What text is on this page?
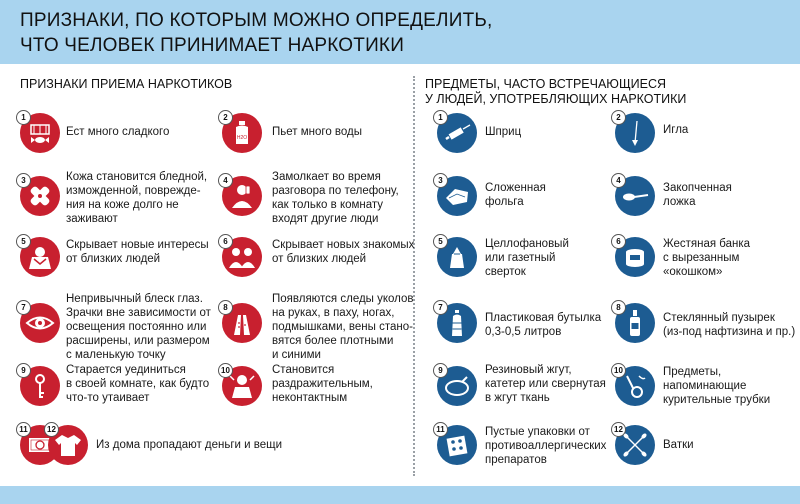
ПРИЗНАКИ, ПО КОТОРЫМ МОЖНО ОПРЕДЕЛИТЬ,
ЧТО ЧЕЛОВЕК ПРИНИМАЕТ НАРКОТИКИ
ПРИЗНАКИ ПРИЕМА НАРКОТИКОВ	ПРЕДМЕТЫ, ЧАСТО ВСТРЕЧАЮЩИЕСЯ
У ЛЮДЕЙ, УПОТРЕБЛЯЮЩИХ НАРКОТИКИ
1
Ест много сладкого	H2O
2
Пьет много воды
3	Кожа становится бледной,
изможденной, поврежде-
ния на коже долго не
заживают
4	Замолкает во время
разговора по телефону,
как только в комнату
входят другие люди
5	Скрывает новые интересы
от близких людей
6	Скрывает новых знакомых
от близких людей
7
Непривычный блеск глаз.
Зрачки вне зависимости от
освещения постоянно или
расширены, или размером
с маленькую точку
8
Появляются следы уколов
на руках, в паху, ногах,
подмышками, вены стано-
вятся более плотными
и синими
9	Старается уединиться
в своей комнате, как будто
что-то утаивает
10	Становится
раздражительным,
неконтактным
11	12
Из дома пропадают деньги и вещи
1
Шприц
2
Игла
3
Сложенная
фольга
4
Закопченная
ложка
5	Целлофановый
или газетный
сверток
6	Жестяная банка
с вырезанным
«окошком»
7
Пластиковая бутылка
0,3-0,5 литров
8
Стеклянный пузырек
(из-под нафтизина и пр.)
9	Резиновый жгут,
катетер или свернутая
в жгут ткань
10	Предметы,
напоминающие
курительные трубки
11	Пустые упаковки от
противоаллергических
препаратов
12
Ватки
